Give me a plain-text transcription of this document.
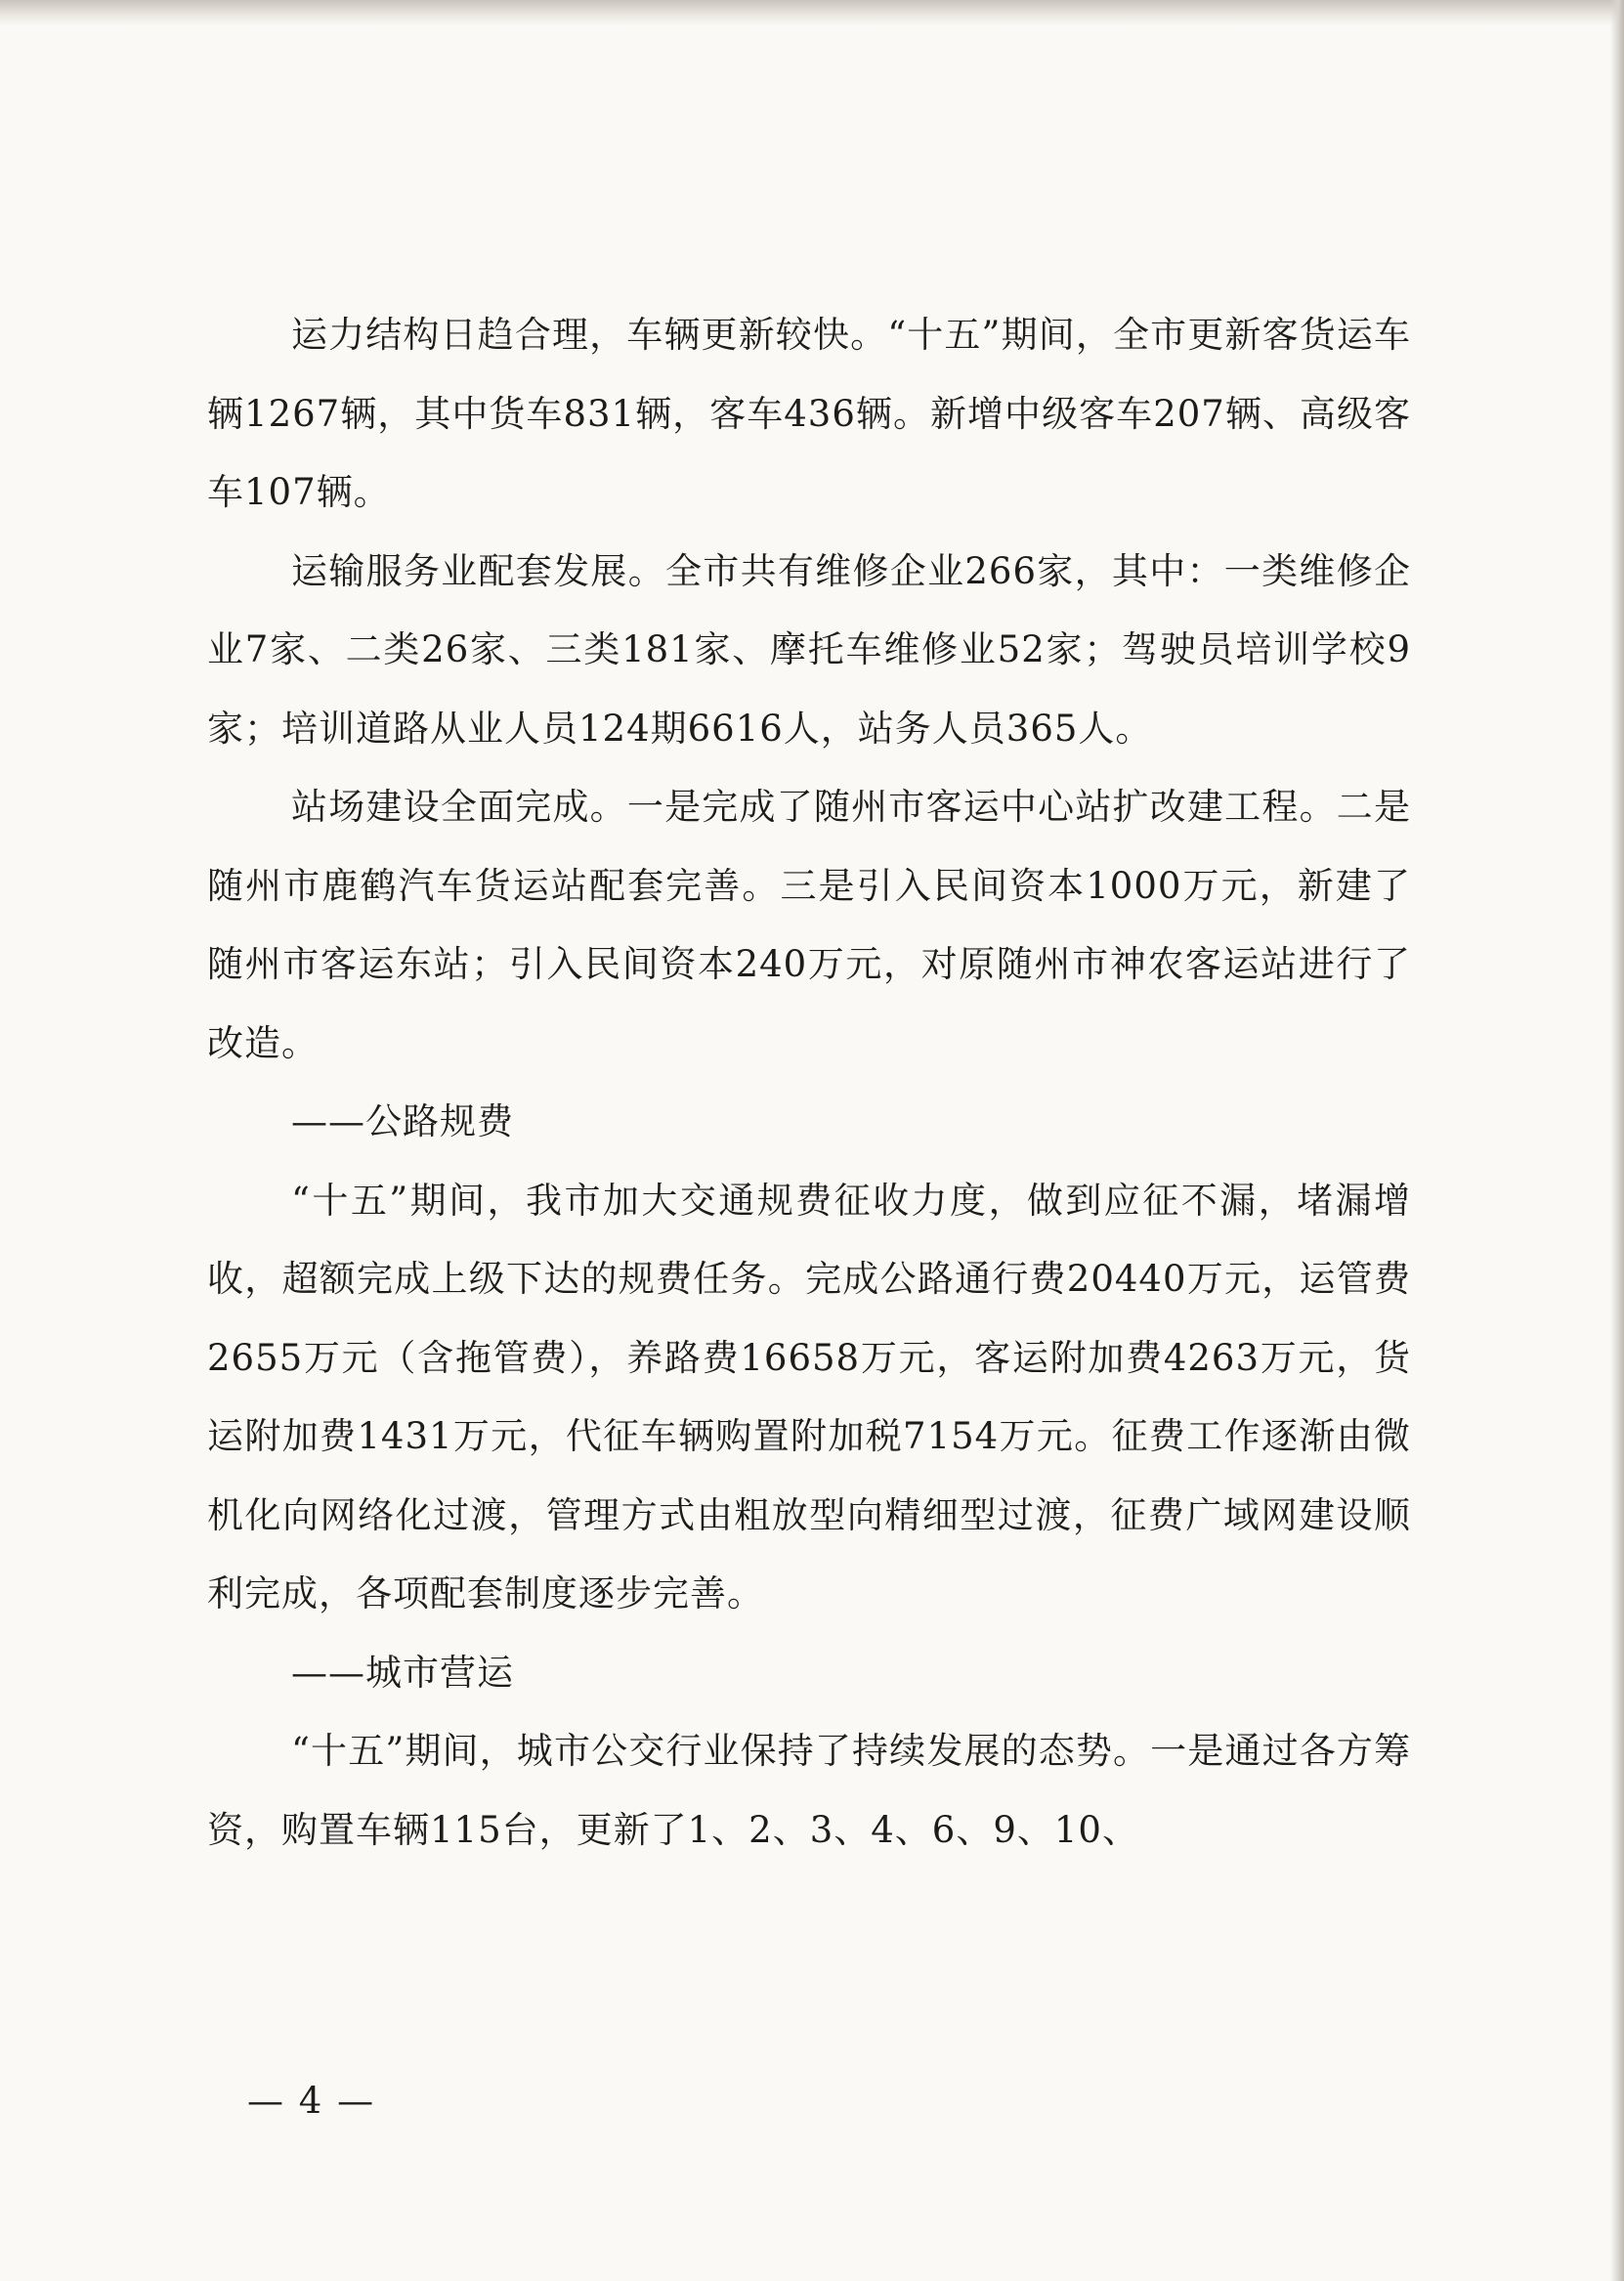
运力结构日趋合理，车辆更新较快。“十五”期间，全市更新客货运车辆1267辆，其中货车831辆，客车436辆。新增中级客车207辆、高级客车107辆。

运输服务业配套发展。全市共有维修企业266家，其中：一类维修企业7家、二类26家、三类181家、摩托车维修业52家；驾驶员培训学校9家；培训道路从业人员124期6616人，站务人员365人。

站场建设全面完成。一是完成了随州市客运中心站扩改建工程。二是随州市鹿鹤汽车货运站配套完善。三是引入民间资本1000万元，新建了随州市客运东站；引入民间资本240万元，对原随州市神农客运站进行了改造。

——公路规费

“十五”期间，我市加大交通规费征收力度，做到应征不漏，堵漏增收，超额完成上级下达的规费任务。完成公路通行费20440万元，运管费2655万元（含拖管费），养路费16658万元，客运附加费4263万元，货运附加费1431万元，代征车辆购置附加税7154万元。征费工作逐渐由微机化向网络化过渡，管理方式由粗放型向精细型过渡，征费广域网建设顺利完成，各项配套制度逐步完善。

——城市营运

“十五”期间，城市公交行业保持了持续发展的态势。一是通过各方筹资，购置车辆115台，更新了1、2、3、4、6、9、10、

— 4 —
